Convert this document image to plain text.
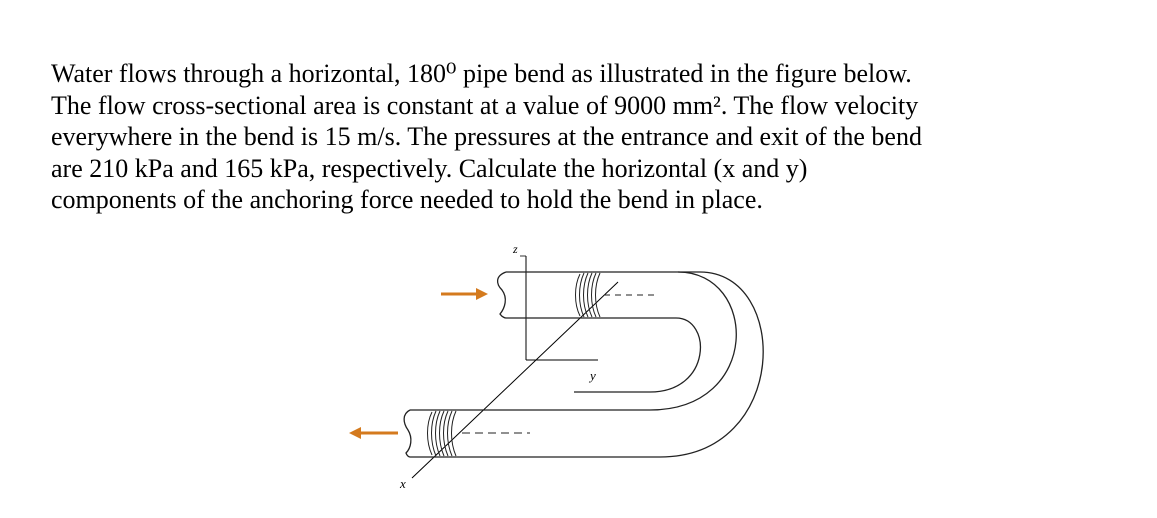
Water flows through a horizontal, 180⁰ pipe bend as illustrated in the figure below.
The flow cross-sectional area is constant at a value of 9000 mm². The flow velocity
everywhere in the bend is 15 m/s. The pressures at the entrance and exit of the bend
are 210 kPa and 165 kPa, respectively. Calculate the horizontal (x and y)
components of the anchoring force needed to hold the bend in place.
z
y
x
